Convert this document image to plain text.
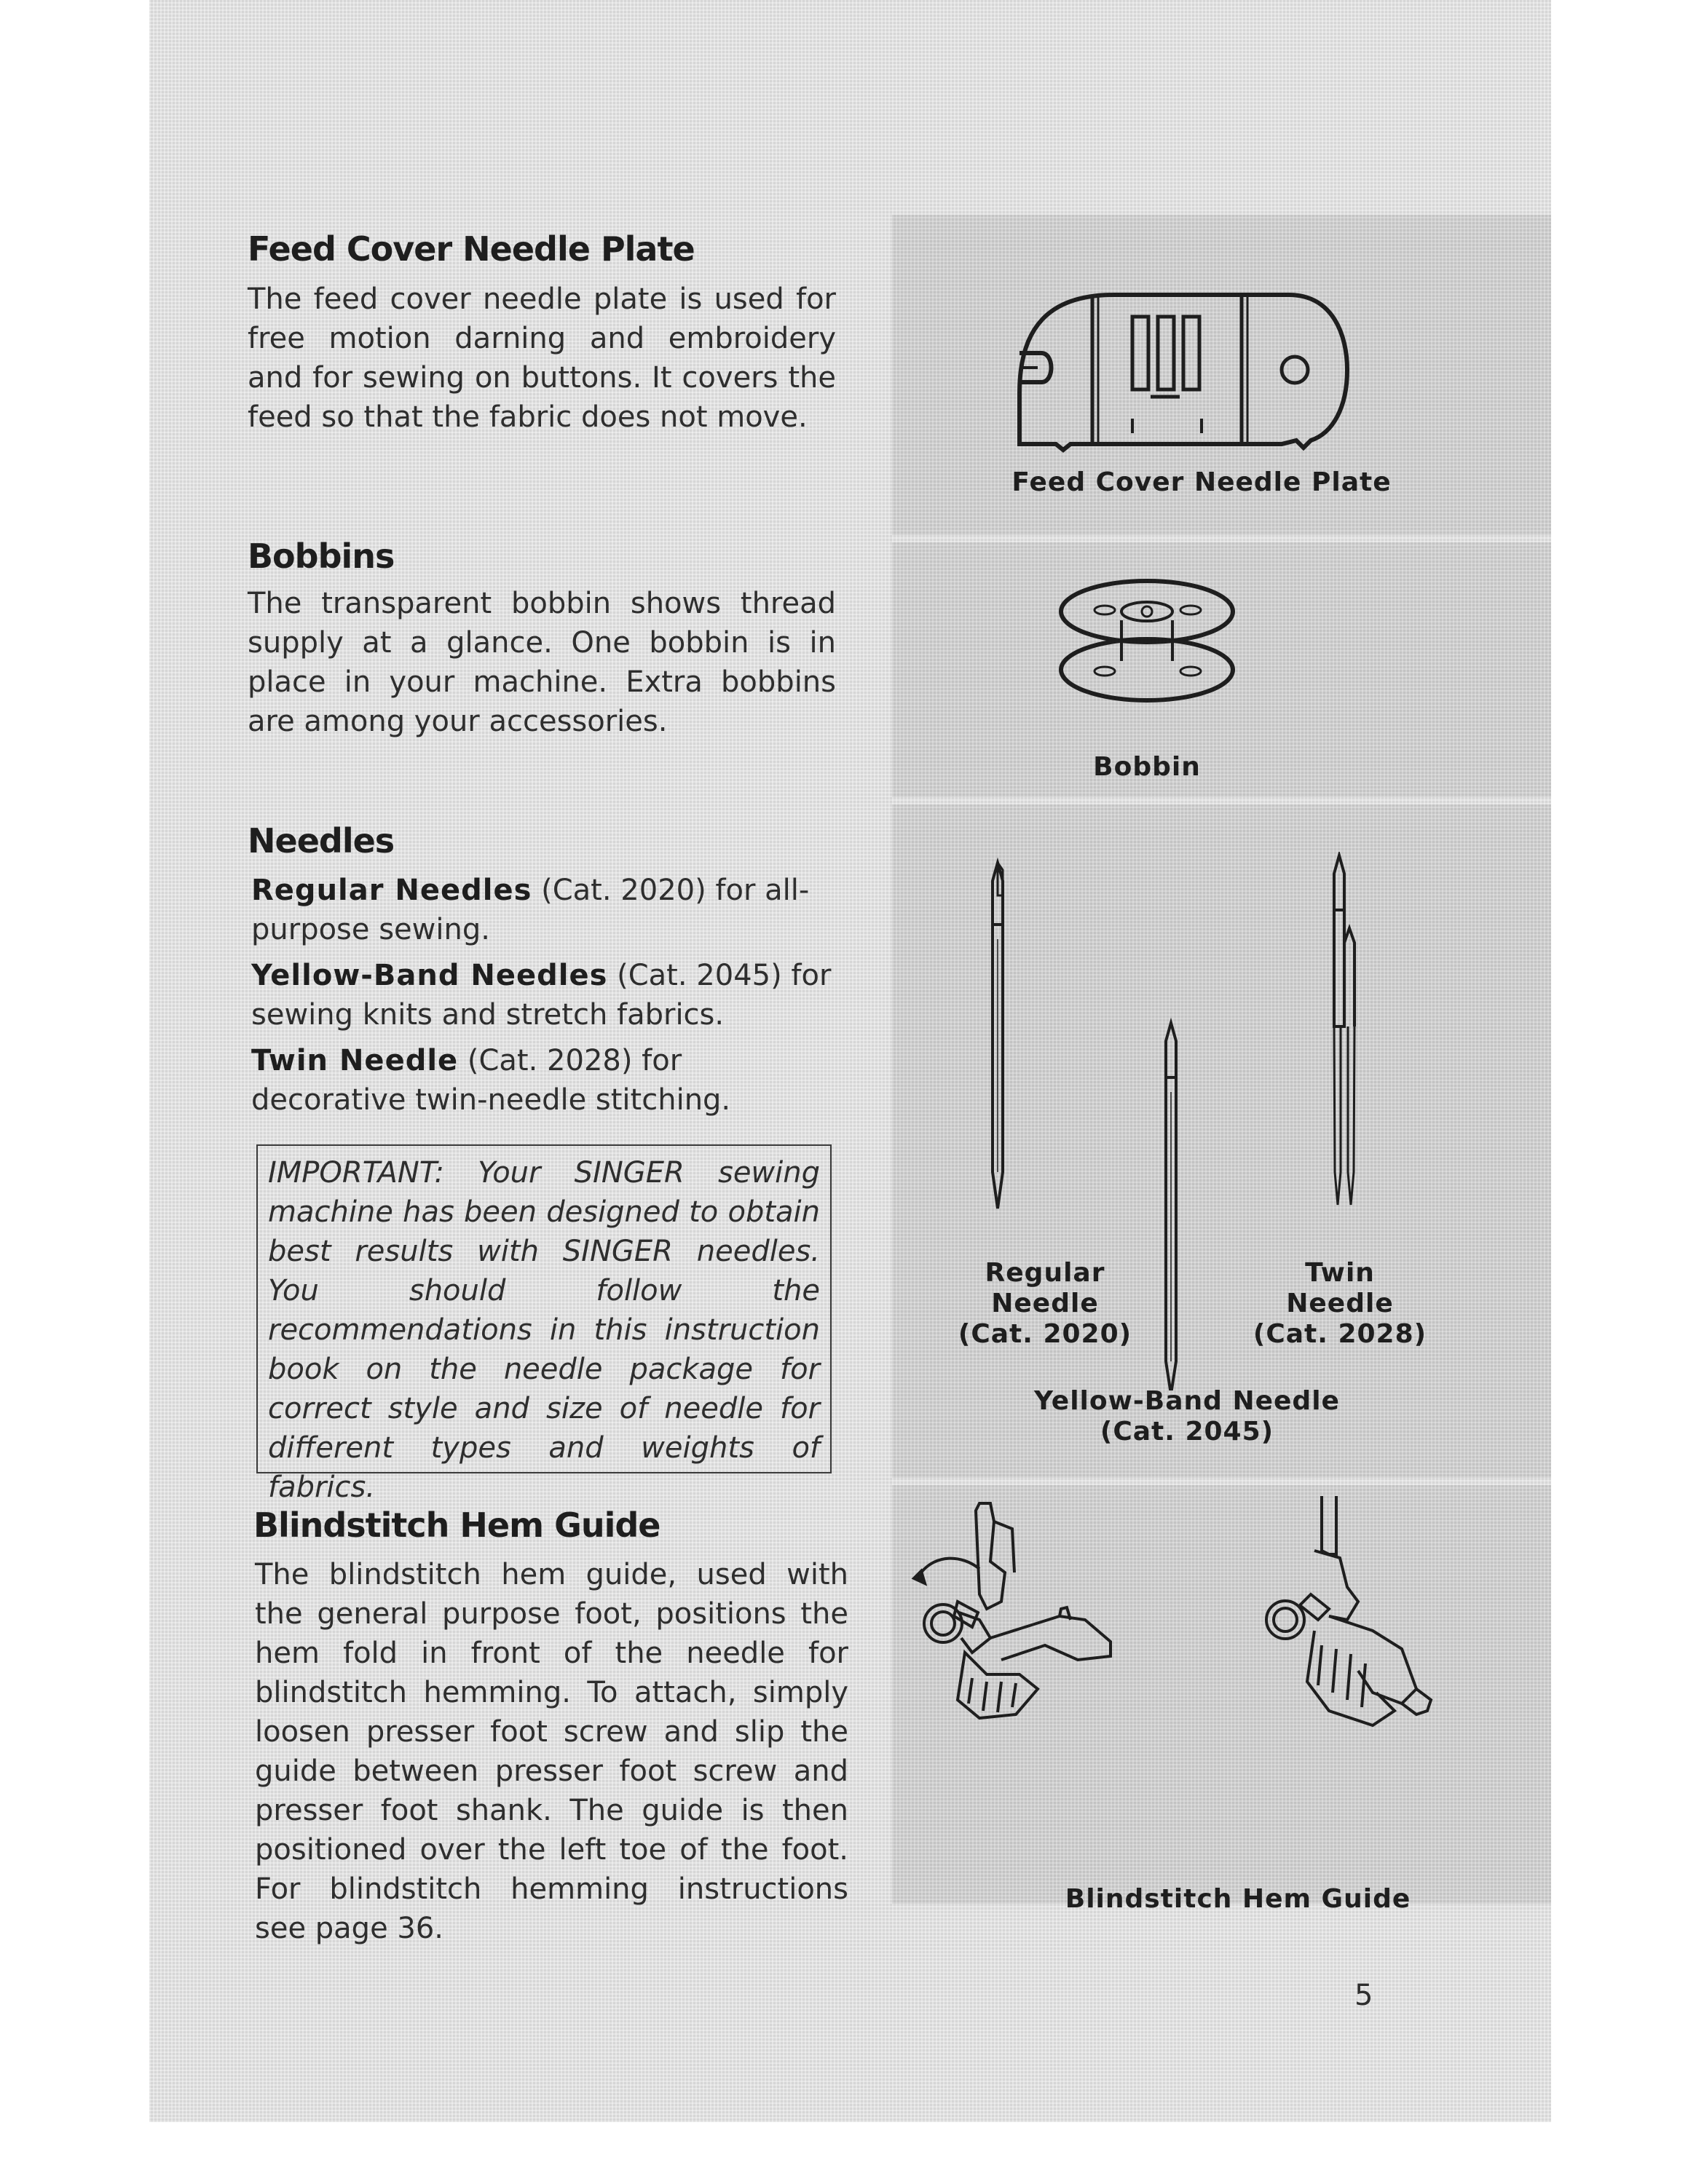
Feed Cover Needle Plate

The feed cover needle plate is used for free motion darning and embroidery and for sewing on buttons. It covers the feed so that the fabric does not move.

Feed Cover Needle Plate

Bobbins

The transparent bobbin shows thread supply at a glance. One bobbin is in place in your machine. Extra bobbins are among your accessories.

Bobbin

Needles

Regular Needles (Cat. 2020) for all-purpose sewing.

Yellow-Band Needles (Cat. 2045) for sewing knits and stretch fabrics.

Twin Needle (Cat. 2028) for decorative twin-needle stitching.

IMPORTANT: Your SINGER sewing machine has been designed to obtain best results with SINGER needles. You should follow the recommendations in this instruction book on the needle package for correct style and size of needle for different types and weights of fabrics.

Regular
Needle
(Cat. 2020)

Twin
Needle
(Cat. 2028)

Yellow-Band Needle
(Cat. 2045)

Blindstitch Hem Guide

The blindstitch hem guide, used with the general purpose foot, positions the hem fold in front of the needle for blindstitch hemming. To attach, simply loosen presser foot screw and slip the guide between presser foot screw and presser foot shank. The guide is then positioned over the left toe of the foot. For blindstitch hemming instructions see page 36.

Blindstitch Hem Guide

5
